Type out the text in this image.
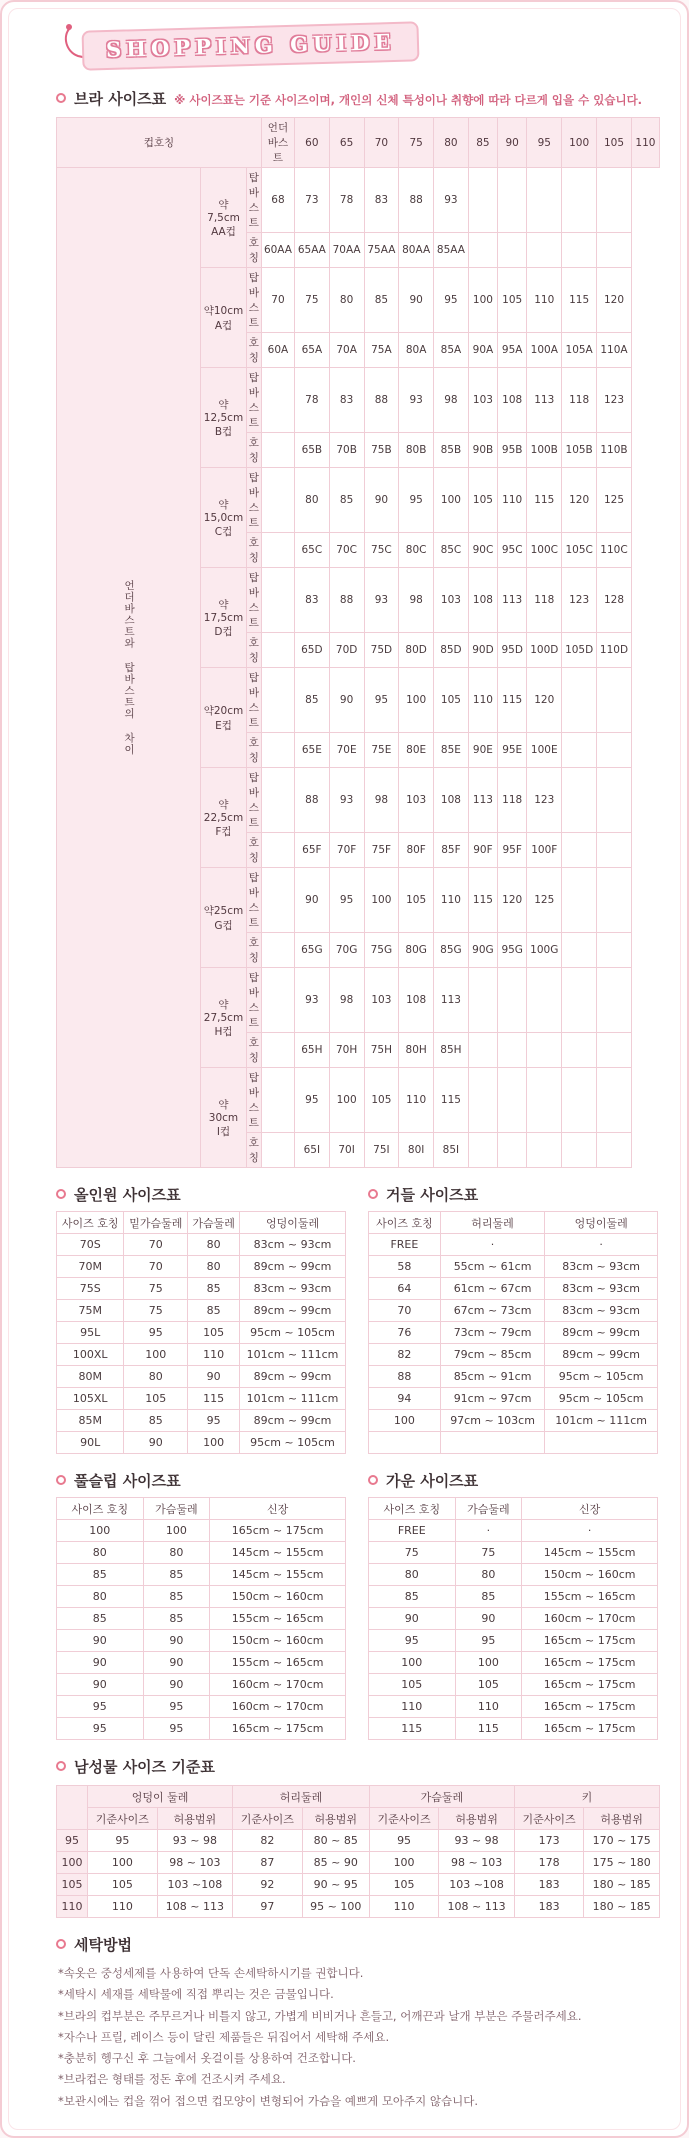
SHOPPING GUIDE
브라 사이즈표 ※ 사이즈표는 기준 사이즈이며, 개인의 신체 특성이나 취향에 따라 다르게 입을 수 있습니다.
컵호칭			언더바스트	60	65	70	75	80	85	90	95	100	105	110
언더바스트와 탑바스트의 차이	약7,5cm
AA컵	탑바스트	68	73	78	83	88	93						
		호칭	60AA	65AA	70AA	75AA	80AA	85AA						

	약10cm
A컵	탑바스트	70	75	80	85	90	95	100	105	110	115	120	
		호칭	60A	65A	70A	75A	80A	85A	90A	95A	100A	105A	110A	

	약12,5cm
B컵	탑바스트		78	83	88	93	98	103	108	113	118	123	
		호칭		65B	70B	75B	80B	85B	90B	95B	100B	105B	110B	

	약15,0cm
C컵	탑바스트		80	85	90	95	100	105	110	115	120	125	
		호칭		65C	70C	75C	80C	85C	90C	95C	100C	105C	110C	

	약17,5cm
D컵	탑바스트		83	88	93	98	103	108	113	118	123	128	
		호칭		65D	70D	75D	80D	85D	90D	95D	100D	105D	110D	

	약20cm
E컵	탑바스트		85	90	95	100	105	110	115	120			
		호칭		65E	70E	75E	80E	85E	90E	95E	100E			

	약22,5cm
F컵	탑바스트		88	93	98	103	108	113	118	123			
		호칭		65F	70F	75F	80F	85F	90F	95F	100F			

	약25cm
G컵	탑바스트		90	95	100	105	110	115	120	125			
		호칭		65G	70G	75G	80G	85G	90G	95G	100G			

	약27,5cm
H컵	탑바스트		93	98	103	108	113						
		호칭		65H	70H	75H	80H	85H						

	약 30cm
I컵	탑바스트		95	100	105	110	115						
		호칭		65I	70I	75I	80I	85I						
올인원 사이즈표	거들 사이즈표
사이즈 호칭	밑가슴둘레	가슴둘레	엉덩이둘레
70S	70	80	83cm ~ 93cm
70M	70	80	89cm ~ 99cm
75S	75	85	83cm ~ 93cm
75M	75	85	89cm ~ 99cm
95L	95	105	95cm ~ 105cm
100XL	100	110	101cm ~ 111cm
80M	80	90	89cm ~ 99cm
105XL	105	115	101cm ~ 111cm
85M	85	95	89cm ~ 99cm
90L	90	100	95cm ~ 105cm
사이즈 호칭	허리둘레	엉덩이둘레
FREE	·	·
58	55cm ~ 61cm	83cm ~ 93cm
64	61cm ~ 67cm	83cm ~ 93cm
70	67cm ~ 73cm	83cm ~ 93cm
76	73cm ~ 79cm	89cm ~ 99cm
82	79cm ~ 85cm	89cm ~ 99cm
88	85cm ~ 91cm	95cm ~ 105cm
94	91cm ~ 97cm	95cm ~ 105cm
100	97cm ~ 103cm	101cm ~ 111cm

풀슬립 사이즈표	가운 사이즈표
사이즈 호칭	가슴둘레	신장
100	100	165cm ~ 175cm
80	80	145cm ~ 155cm
85	85	145cm ~ 155cm
80	85	150cm ~ 160cm
85	85	155cm ~ 165cm
90	90	150cm ~ 160cm
90	90	155cm ~ 165cm
90	90	160cm ~ 170cm
95	95	160cm ~ 170cm
95	95	165cm ~ 175cm
사이즈 호칭	가슴둘레	신장
FREE	·	·
75	75	145cm ~ 155cm
80	80	150cm ~ 160cm
85	85	155cm ~ 165cm
90	90	160cm ~ 170cm
95	95	165cm ~ 175cm
100	100	165cm ~ 175cm
105	105	165cm ~ 175cm
110	110	165cm ~ 175cm
115	115	165cm ~ 175cm
남성물 사이즈 기준표
	엉덩이 둘레		허리둘레		가슴둘레		키	
	기준사이즈	허용범위	기준사이즈	허용범위	기준사이즈	허용범위	기준사이즈	허용범위
95	95	93 ~ 98	82	80 ~ 85	95	93 ~ 98	173	170 ~ 175
100	100	98 ~ 103	87	85 ~ 90	100	98 ~ 103	178	175 ~ 180
105	105	103 ~108	92	90 ~ 95	105	103 ~108	183	180 ~ 185
110	110	108 ~ 113	97	95 ~ 100	110	108 ~ 113	183	180 ~ 185
세탁방법
*속옷은 중성세제를 사용하여 단독 손세탁하시기를 권합니다.
*세탁시 세재를 세탁물에 직접 뿌리는 것은 금물입니다.
*브라의 컵부분은 주무르거나 비틀지 않고, 가볍게 비비거나 흔들고, 어깨끈과 날개 부분은 주물러주세요.
*자수나 프릴, 레이스 등이 달린 제품들은 뒤집어서 세탁해 주세요.
*충분히 헹구신 후 그늘에서 옷걸이를 상용하여 건조합니다.
*브라컵은 형태를 정돈 후에 건조시켜 주세요.
*보관시에는 컵을 꺾어 접으면 컵모양이 변형되어 가슴을 예쁘게 모아주지 않습니다.
